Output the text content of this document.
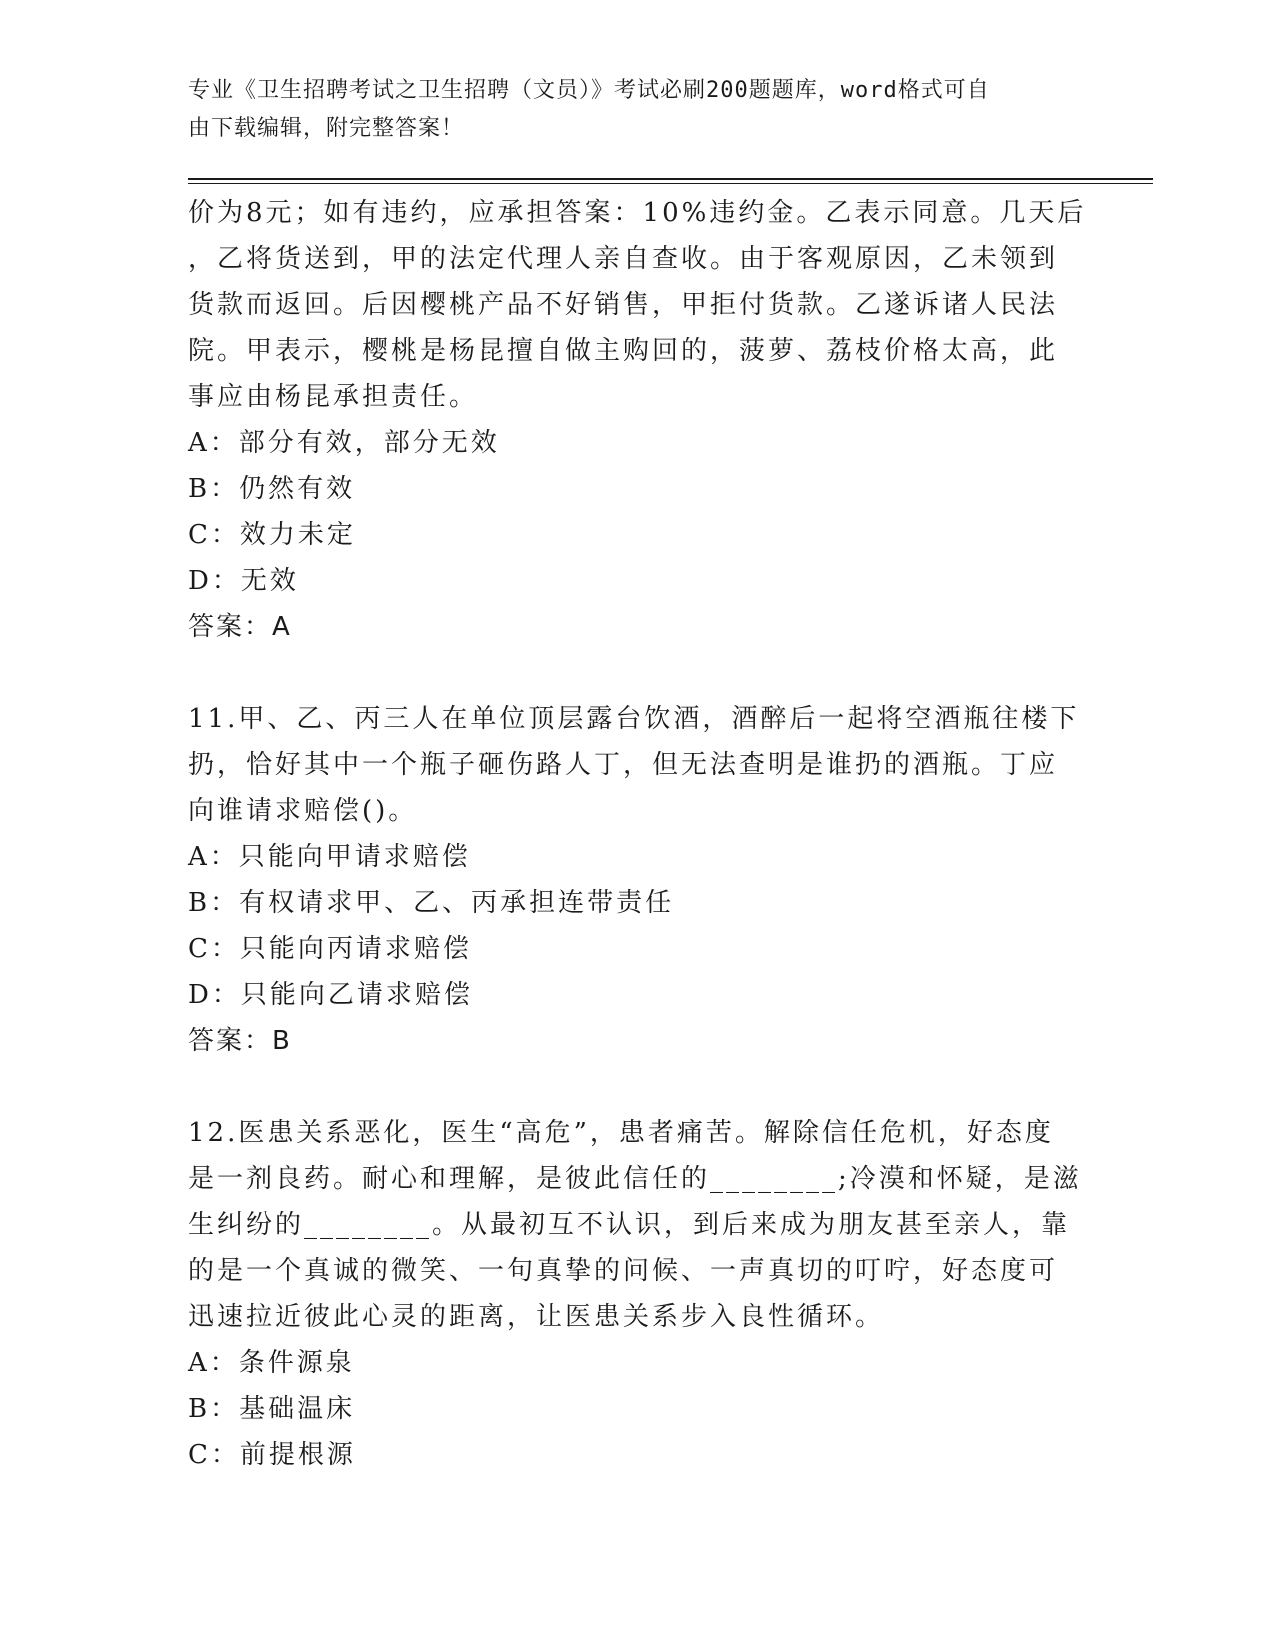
专业《卫生招聘考试之卫生招聘（文员）》考试必刷200题题库，word格式可自
由下载编辑，附完整答案！

价为8元；如有违约，应承担答案：10%违约金。乙表示同意。几天后

，乙将货送到，甲的法定代理人亲自查收。由于客观原因，乙未领到

货款而返回。后因樱桃产品不好销售，甲拒付货款。乙遂诉诸人民法

院。甲表示，樱桃是杨昆擅自做主购回的，菠萝、荔枝价格太高，此

事应由杨昆承担责任。

A：部分有效，部分无效

B：仍然有效

C：效力未定

D：无效

答案：A

11.甲、乙、丙三人在单位顶层露台饮酒，酒醉后一起将空酒瓶往楼下

扔，恰好其中一个瓶子砸伤路人丁，但无法查明是谁扔的酒瓶。丁应

向谁请求赔偿()。

A：只能向甲请求赔偿

B：有权请求甲、乙、丙承担连带责任

C：只能向丙请求赔偿

D：只能向乙请求赔偿

答案：B

12.医患关系恶化，医生“高危”，患者痛苦。解除信任危机，好态度

是一剂良药。耐心和理解，是彼此信任的________;冷漠和怀疑，是滋

生纠纷的________。从最初互不认识，到后来成为朋友甚至亲人，靠

的是一个真诚的微笑、一句真挚的问候、一声真切的叮咛，好态度可

迅速拉近彼此心灵的距离，让医患关系步入良性循环。

A：条件源泉

B：基础温床

C：前提根源
